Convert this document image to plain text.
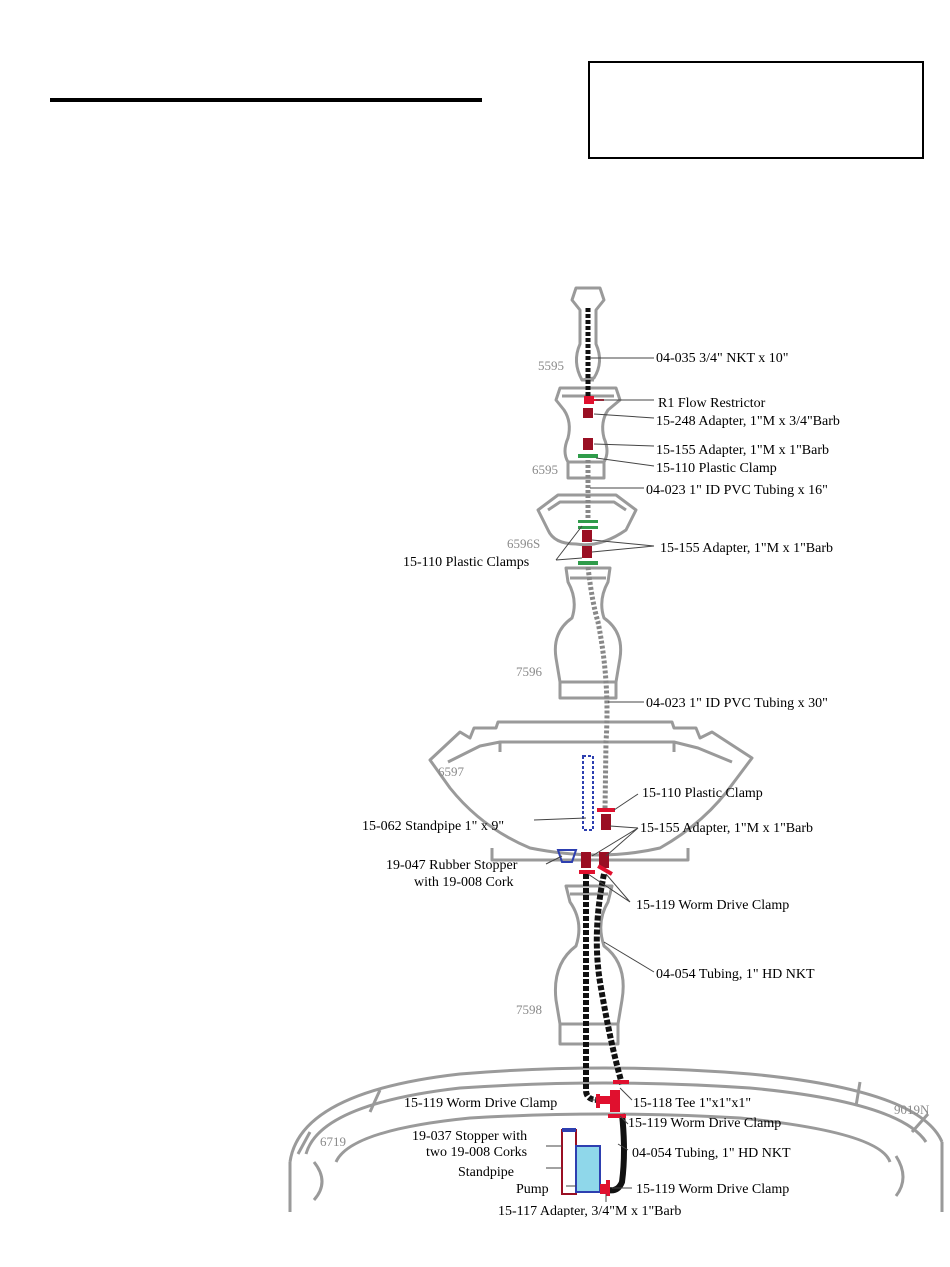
5595
6595
6596S
7596
6597
7598
6719
9019N
04-035 3/4" NKT x 10"
R1 Flow Restrictor
15-248 Adapter, 1"M x 3/4"Barb
15-155 Adapter, 1"M x 1"Barb
15-110 Plastic Clamp
04-023 1" ID PVC Tubing x 16"
15-155 Adapter, 1"M x 1"Barb
15-110 Plastic Clamps
04-023 1" ID PVC Tubing x 30"
15-110 Plastic Clamp
15-062 Standpipe 1" x 9"	15-155 Adapter, 1"M x 1"Barb
19-047 Rubber Stopper
with 19-008 Cork
15-119 Worm Drive Clamp
04-054 Tubing, 1" HD NKT
15-119 Worm Drive Clamp	15-118 Tee 1"x1"x1"
15-119 Worm Drive Clamp
19-037 Stopper with
two 19-008 Corks	04-054 Tubing, 1" HD NKT
Standpipe
Pump	15-119 Worm Drive Clamp
15-117 Adapter, 3/4"M x 1"Barb
